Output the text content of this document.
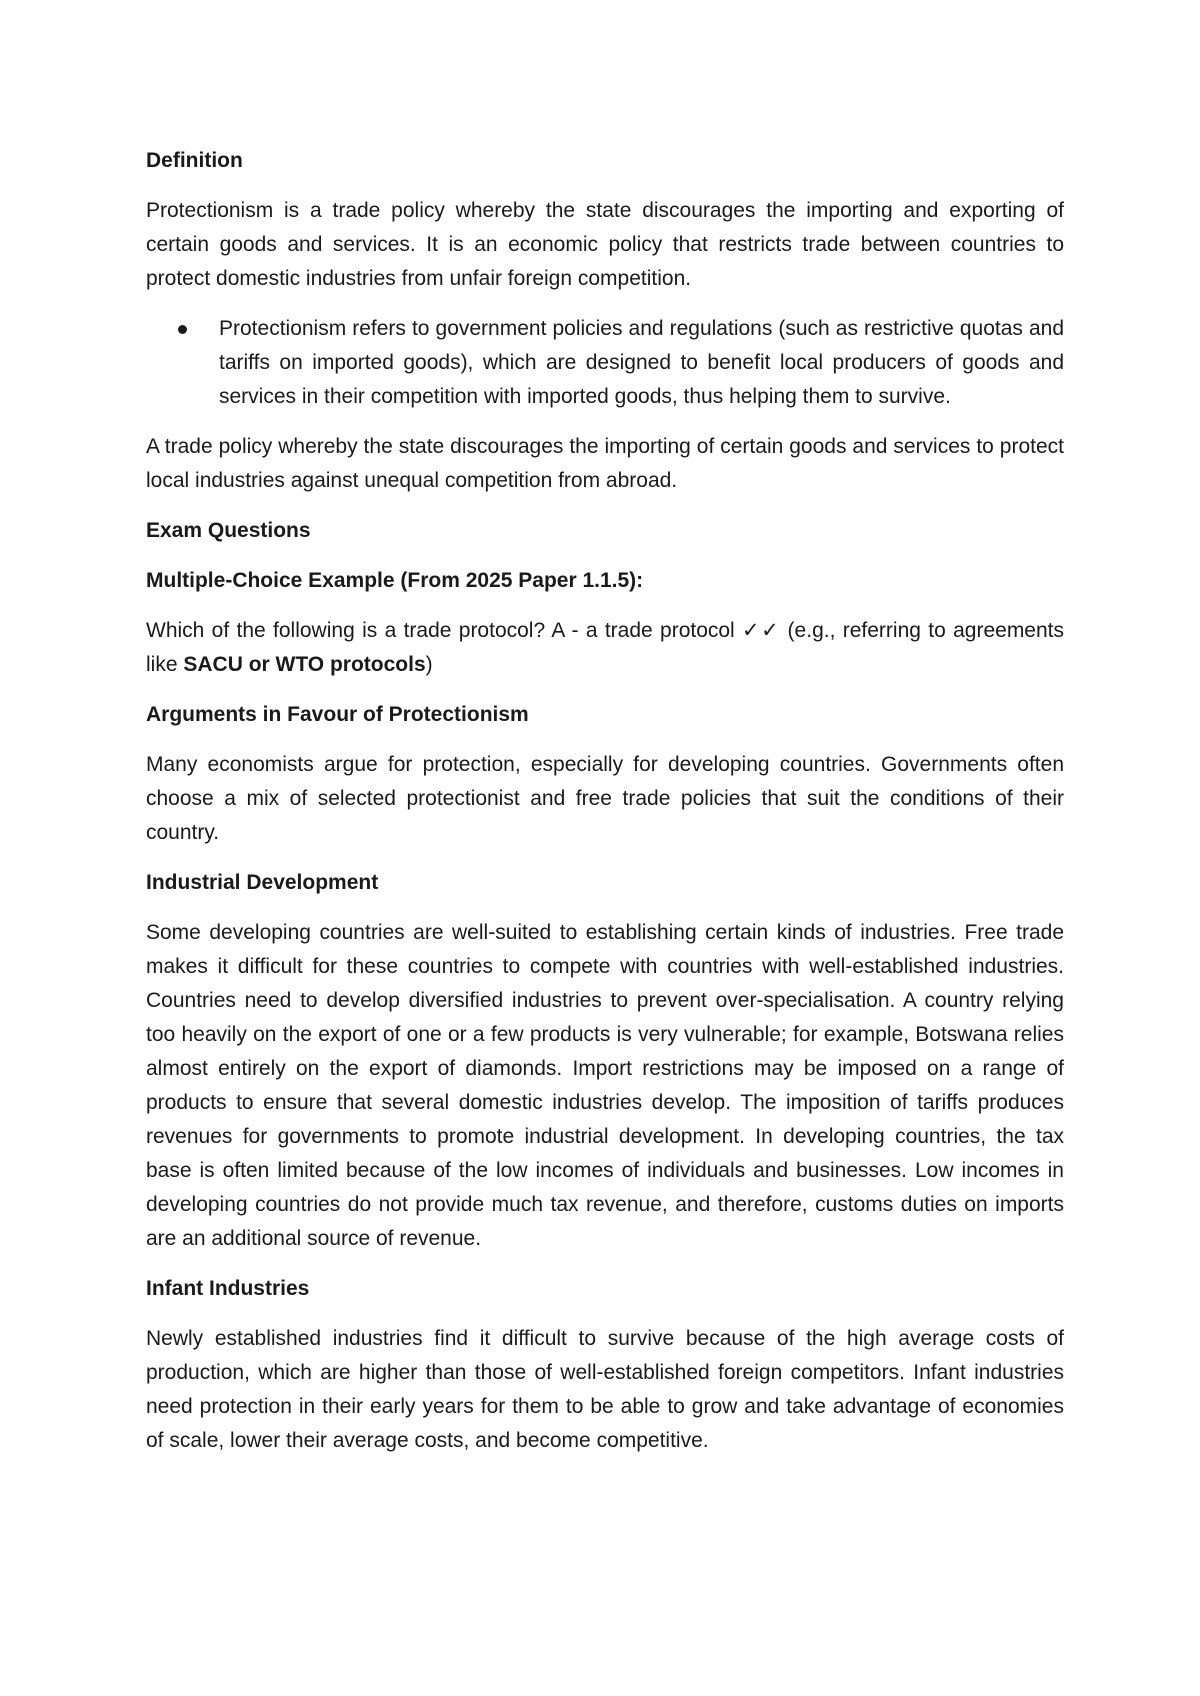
Definition

Protectionism is a trade policy whereby the state discourages the importing and exporting of certain goods and services. It is an economic policy that restricts trade between countries to protect domestic industries from unfair foreign competition.

Protectionism refers to government policies and regulations (such as restrictive quotas and tariffs on imported goods), which are designed to benefit local producers of goods and services in their competition with imported goods, thus helping them to survive.

A trade policy whereby the state discourages the importing of certain goods and services to protect local industries against unequal competition from abroad.

Exam Questions
Multiple-Choice Example (From 2025 Paper 1.1.5):

Which of the following is a trade protocol? A - a trade protocol ✓✓ (e.g., referring to agreements like SACU or WTO protocols)

Arguments in Favour of Protectionism

Many economists argue for protection, especially for developing countries. Governments often choose a mix of selected protectionist and free trade policies that suit the conditions of their country.

Industrial Development

Some developing countries are well-suited to establishing certain kinds of industries. Free trade makes it difficult for these countries to compete with countries with well-established industries. Countries need to develop diversified industries to prevent over-specialisation. A country relying too heavily on the export of one or a few products is very vulnerable; for example, Botswana relies almost entirely on the export of diamonds. Import restrictions may be imposed on a range of products to ensure that several domestic industries develop. The imposition of tariffs produces revenues for governments to promote industrial development. In developing countries, the tax base is often limited because of the low incomes of individuals and businesses. Low incomes in developing countries do not provide much tax revenue, and therefore, customs duties on imports are an additional source of revenue.

Infant Industries

Newly established industries find it difficult to survive because of the high average costs of production, which are higher than those of well-established foreign competitors. Infant industries need protection in their early years for them to be able to grow and take advantage of economies of scale, lower their average costs, and become competitive.
